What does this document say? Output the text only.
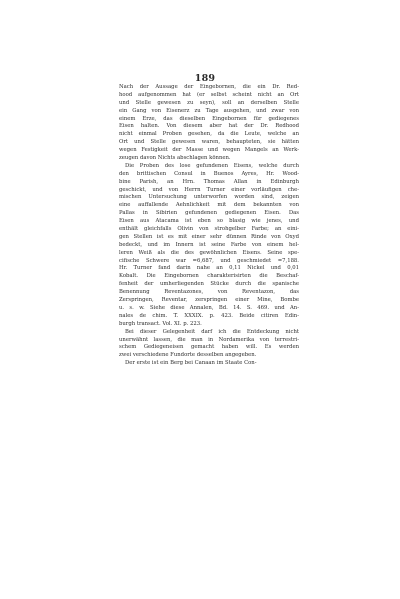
189
Nach der Aussage der Eingebornen, die ein Dr. Red-
hood aufgenommen hat (er selbst scheint nicht an Ort
und Stelle gewesen zu seyn), soll an derselben Stelle
ein Gang von Eisenerz zu Tage ausgehen, und zwar von
einem Erze, das dieselben Eingebornen für gediegenes
Eisen halten. Von diesem aber hat der Dr. Redhood
nicht einmal Proben gesehen, da die Leute, welche an
Ort und Stelle gewesen waren, behaupteten, sie hätten
wegen Festigkeit der Masse und wegen Mangels an Werk-
zeugen davon Nichts abschlagen können.
Die Proben des lose gefundenen Eisens, welche durch
den brittischen Consul in Buenos Ayres, Hr. Wood-
bine Parish, an Hrn. Thomas Allan in Edinburgh
geschickt, und von Herrn Turner einer vorläufigen che-
mischen Untersuchung unterworfen worden sind, zeigen
eine auffallende Aehnlichkeit mit dem bekannten von
Pallas in Sibirien gefundenen gediegenen Eisen. Das
Eisen aus Atacama ist eben so blasig wie jenes, und
enthält gleichfalls Olivin von strohgelber Farbe; an eini-
gen Stellen ist es mit einer sehr dünnen Rinde von Oxyd
bedeckt, und im Innern ist seine Farbe von einem hel-
leren Weiß als die des gewöhnlichen Eisens. Seine spe-
cifische Schwere war =6,687, und geschmiedet =7,188.
Hr. Turner fand darin nahe an 0,11 Nickel und 0,01
Kobalt. Die Eingebornen charakterisirten die Beschaf-
fenheit der umherliegenden Stücke durch die spanische
Benennung Reventazones, von Reventazon, das
Zerspringen, Reventar, zerspringen einer Mine, Bombe
u. s. w. Siehe diese Annalen, Bd. 14. S. 469. und An-
nales de chim. T. XXXIX. p. 423. Beide citiren Edin-
burgh transact. Vol. XI. p. 223.
Bei dieser Gelegenheit darf ich die Entdeckung nicht
unerwähnt lassen, die man in Nordamerika von terrestri-
schem Gediegeneisen gemacht haben will. Es werden
zwei verschiedene Fundorte desselben angegeben.
Der erste ist ein Berg bei Canaan im Staate Con-
